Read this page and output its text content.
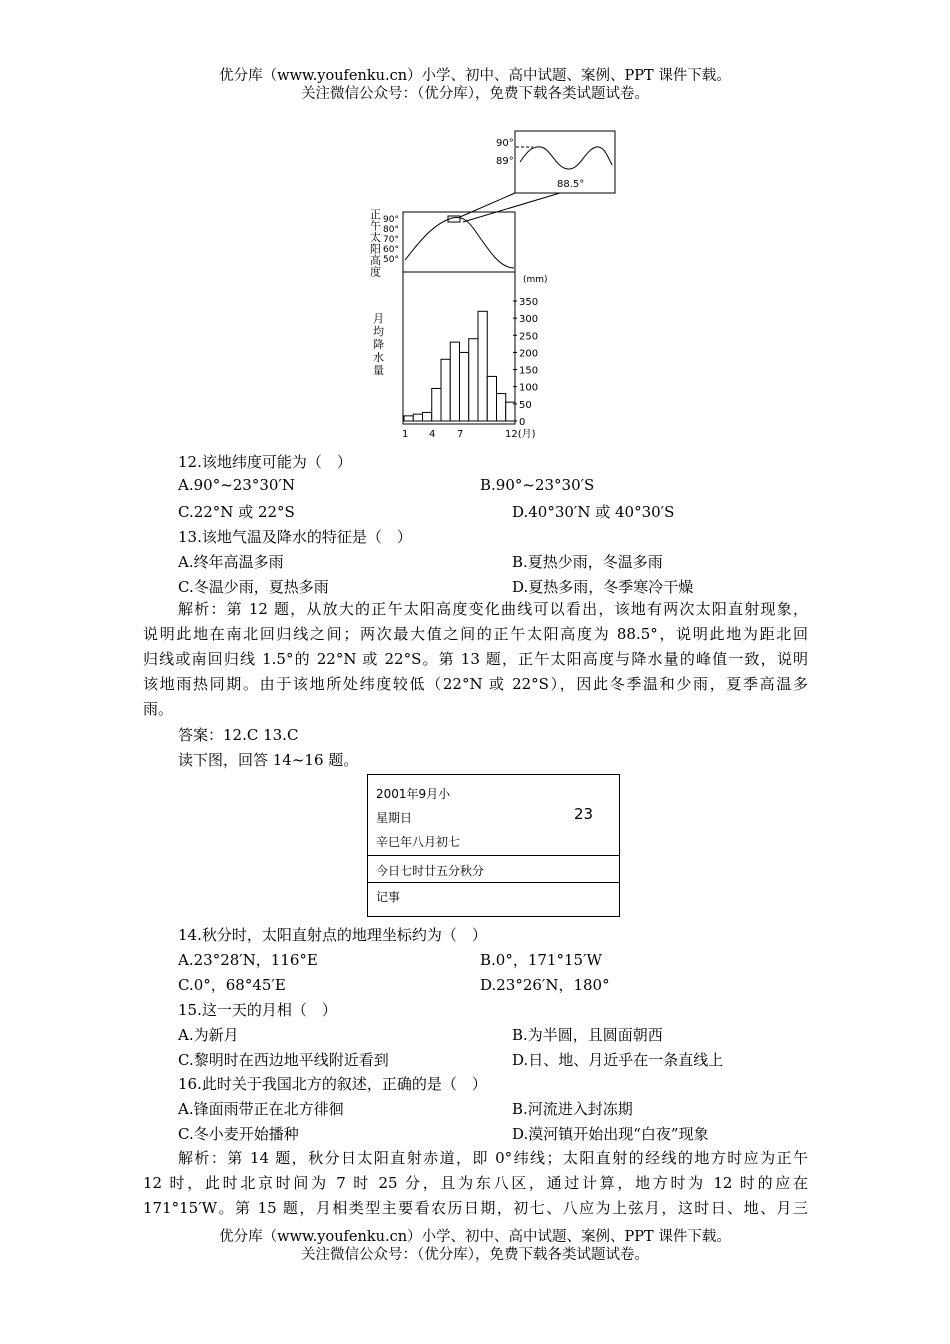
优分库（www.youfenku.cn）小学、初中、高中试题、案例、PPT 课件下载。
关注微信公众号：（优分库），免费下载各类试题试卷。
90°
89°
88.5°
90°
80°
70°
60°
50°
正
午
太
阳
高
度
月
均
降
水
量
(mm)
350
300
250
200
150
100
50
0
1 4 7	12(月)
12.该地纬度可能为（　）
A.90°~23°30′N	B.90°~23°30′S
C.22°N 或 22°S	D.40°30′N 或 40°30′S
13.该地气温及降水的特征是（　）
A.终年高温多雨	B.夏热少雨，冬温多雨
C.冬温少雨，夏热多雨	D.夏热多雨，冬季寒冷干燥
解析：第 12 题，从放大的正午太阳高度变化曲线可以看出，该地有两次太阳直射现象，
说明此地在南北回归线之间；两次最大值之间的正午太阳高度为 88.5°，说明此地为距北回
归线或南回归线 1.5°的 22°N 或 22°S。第 13 题，正午太阳高度与降水量的峰值一致，说明
该地雨热同期。由于该地所处纬度较低（22°N 或 22°S），因此冬季温和少雨，夏季高温多
雨。
答案：12.C 13.C
读下图，回答 14~16 题。
2001年9月小
星期日	23
辛巳年八月初七
今日七时廿五分秋分
记事
14.秋分时，太阳直射点的地理坐标约为（　）
A.23°28′N，116°E	B.0°，171°15′W
C.0°，68°45′E	D.23°26′N，180°
15.这一天的月相（　）
A.为新月	B.为半圆，且圆面朝西
C.黎明时在西边地平线附近看到	D.日、地、月近乎在一条直线上
16.此时关于我国北方的叙述，正确的是（　）
A.锋面雨带正在北方徘徊	B.河流进入封冻期
C.冬小麦开始播种	D.漠河镇开始出现“白夜”现象
解析：第 14 题，秋分日太阳直射赤道，即 0°纬线；太阳直射的经线的地方时应为正午
12 时，此时北京时间为 7 时 25 分，且为东八区，通过计算，地方时为 12 时的应在
171°15′W。第 15 题，月相类型主要看农历日期，初七、八应为上弦月，这时日、地、月三
优分库（www.youfenku.cn）小学、初中、高中试题、案例、PPT 课件下载。
关注微信公众号：（优分库），免费下载各类试题试卷。
